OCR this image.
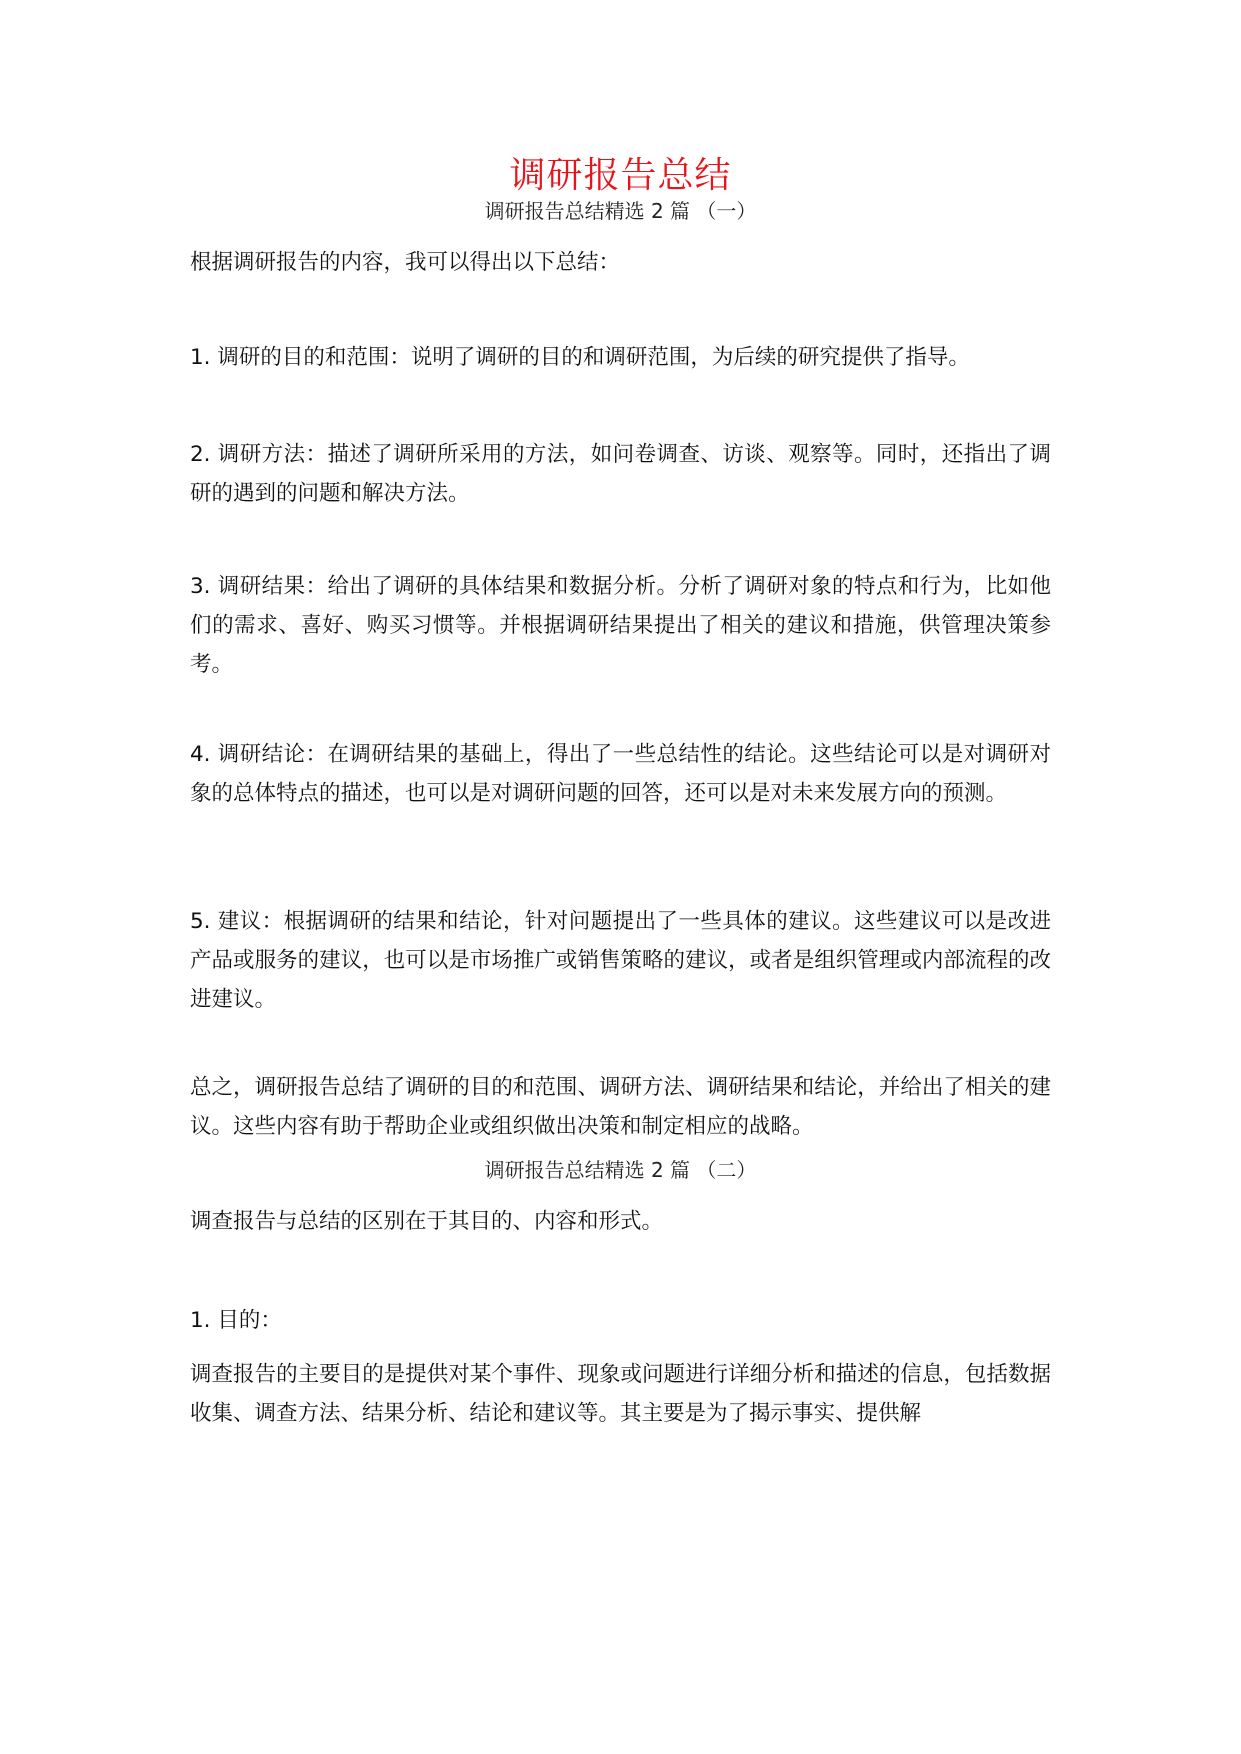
调研报告总结
调研报告总结精选 2 篇 （一）

根据调研报告的内容，我可以得出以下总结：

1. 调研的目的和范围：说明了调研的目的和调研范围，为后续的研究提供了指导。

2. 调研方法：描述了调研所采用的方法，如问卷调查、访谈、观察等。同时，还指出了调研的遇到的问题和解决方法。

3. 调研结果：给出了调研的具体结果和数据分析。分析了调研对象的特点和行为，比如他们的需求、喜好、购买习惯等。并根据调研结果提出了相关的建议和措施，供管理决策参考。

4. 调研结论：在调研结果的基础上，得出了一些总结性的结论。这些结论可以是对调研对象的总体特点的描述，也可以是对调研问题的回答，还可以是对未来发展方向的预测。

5. 建议：根据调研的结果和结论，针对问题提出了一些具体的建议。这些建议可以是改进产品或服务的建议，也可以是市场推广或销售策略的建议，或者是组织管理或内部流程的改进建议。

总之，调研报告总结了调研的目的和范围、调研方法、调研结果和结论，并给出了相关的建议。这些内容有助于帮助企业或组织做出决策和制定相应的战略。

调研报告总结精选 2 篇 （二）

调查报告与总结的区别在于其目的、内容和形式。

1. 目的：

调查报告的主要目的是提供对某个事件、现象或问题进行详细分析和描述的信息，包括数据收集、调查方法、结果分析、结论和建议等。其主要是为了揭示事实、提供解
